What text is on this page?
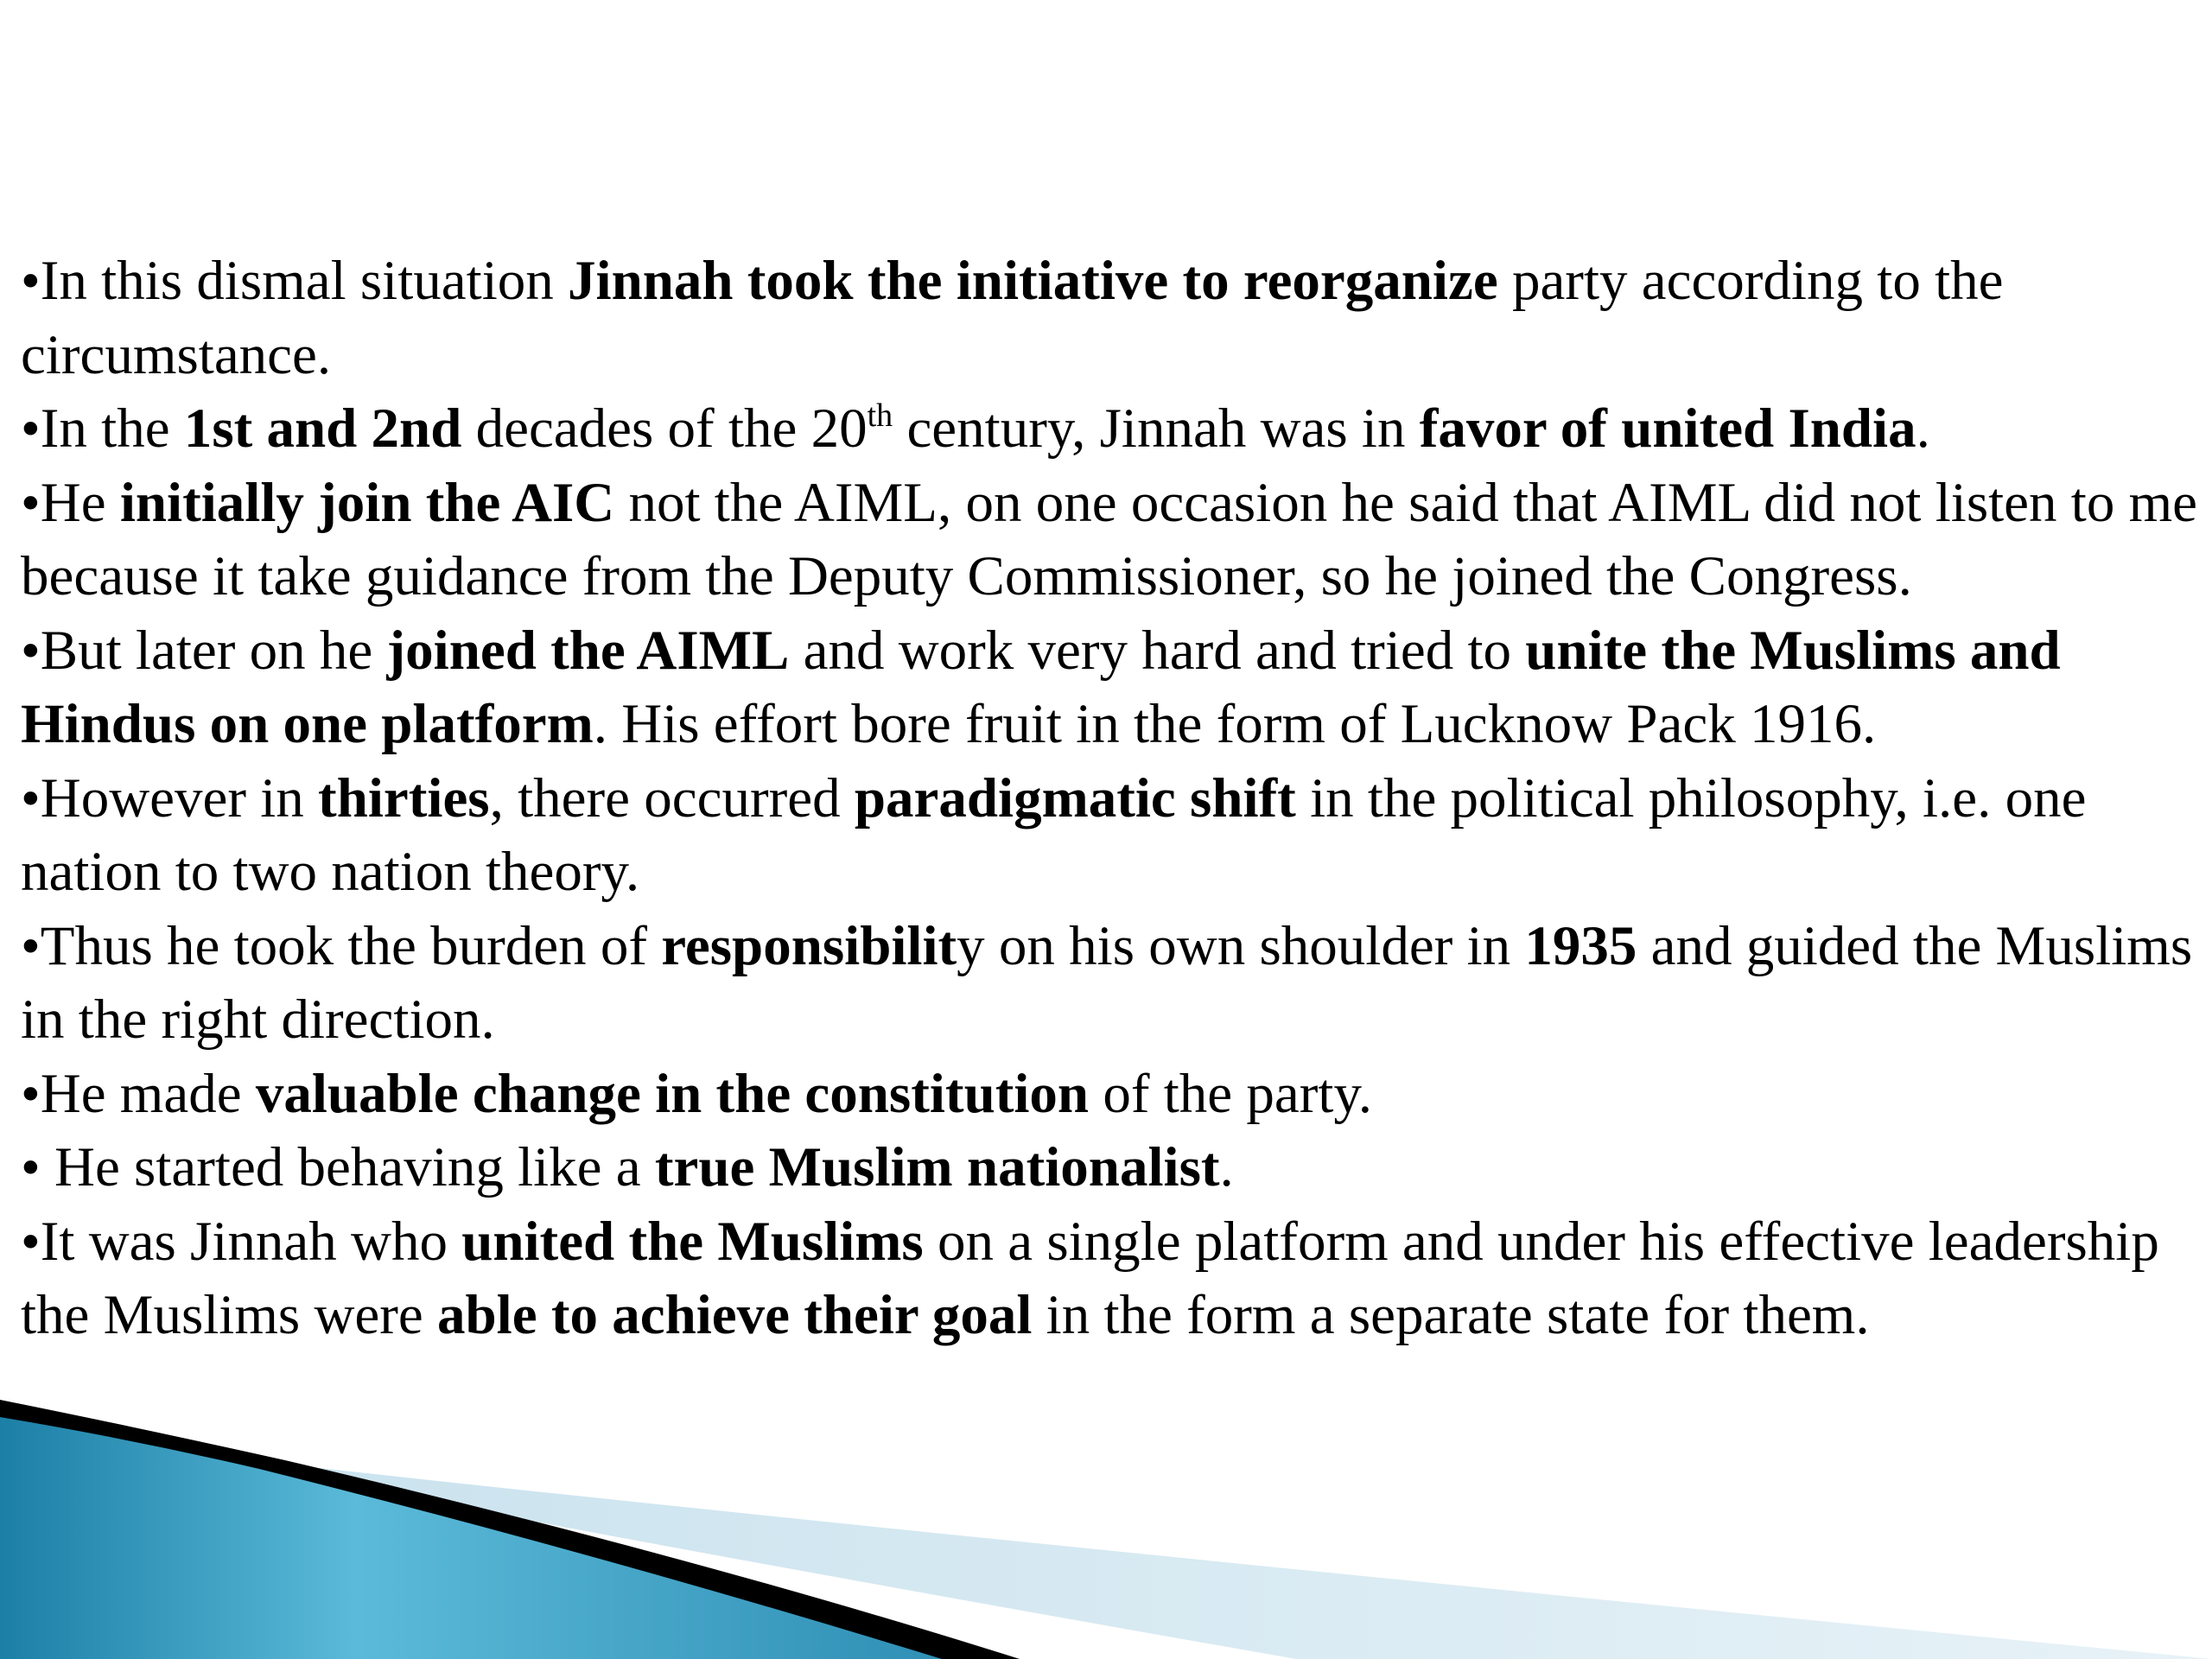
•In this dismal situation Jinnah took the initiative to reorganize party according to the circumstance.

•In the 1st and 2nd decades of the 20th century, Jinnah was in favor of united India.

•He initially join the AIC not the AIML, on one occasion he said that AIML did not listen to me because it take guidance from the Deputy Commissioner, so he joined the Congress.

•But later on he joined the AIML and work very hard and tried to unite the Muslims and Hindus on one platform. His effort bore fruit in the form of Lucknow Pack 1916.

•However in thirties, there occurred paradigmatic shift in the political philosophy, i.e. one nation to two nation theory.

•Thus he took the burden of responsibility on his own shoulder in 1935 and guided the Muslims in the right direction.

•He made valuable change in the constitution of the party.

• He started behaving like a true Muslim nationalist.

•It was Jinnah who united the Muslims on a single platform and under his effective leadership the Muslims were able to achieve their goal in the form a separate state for them.
